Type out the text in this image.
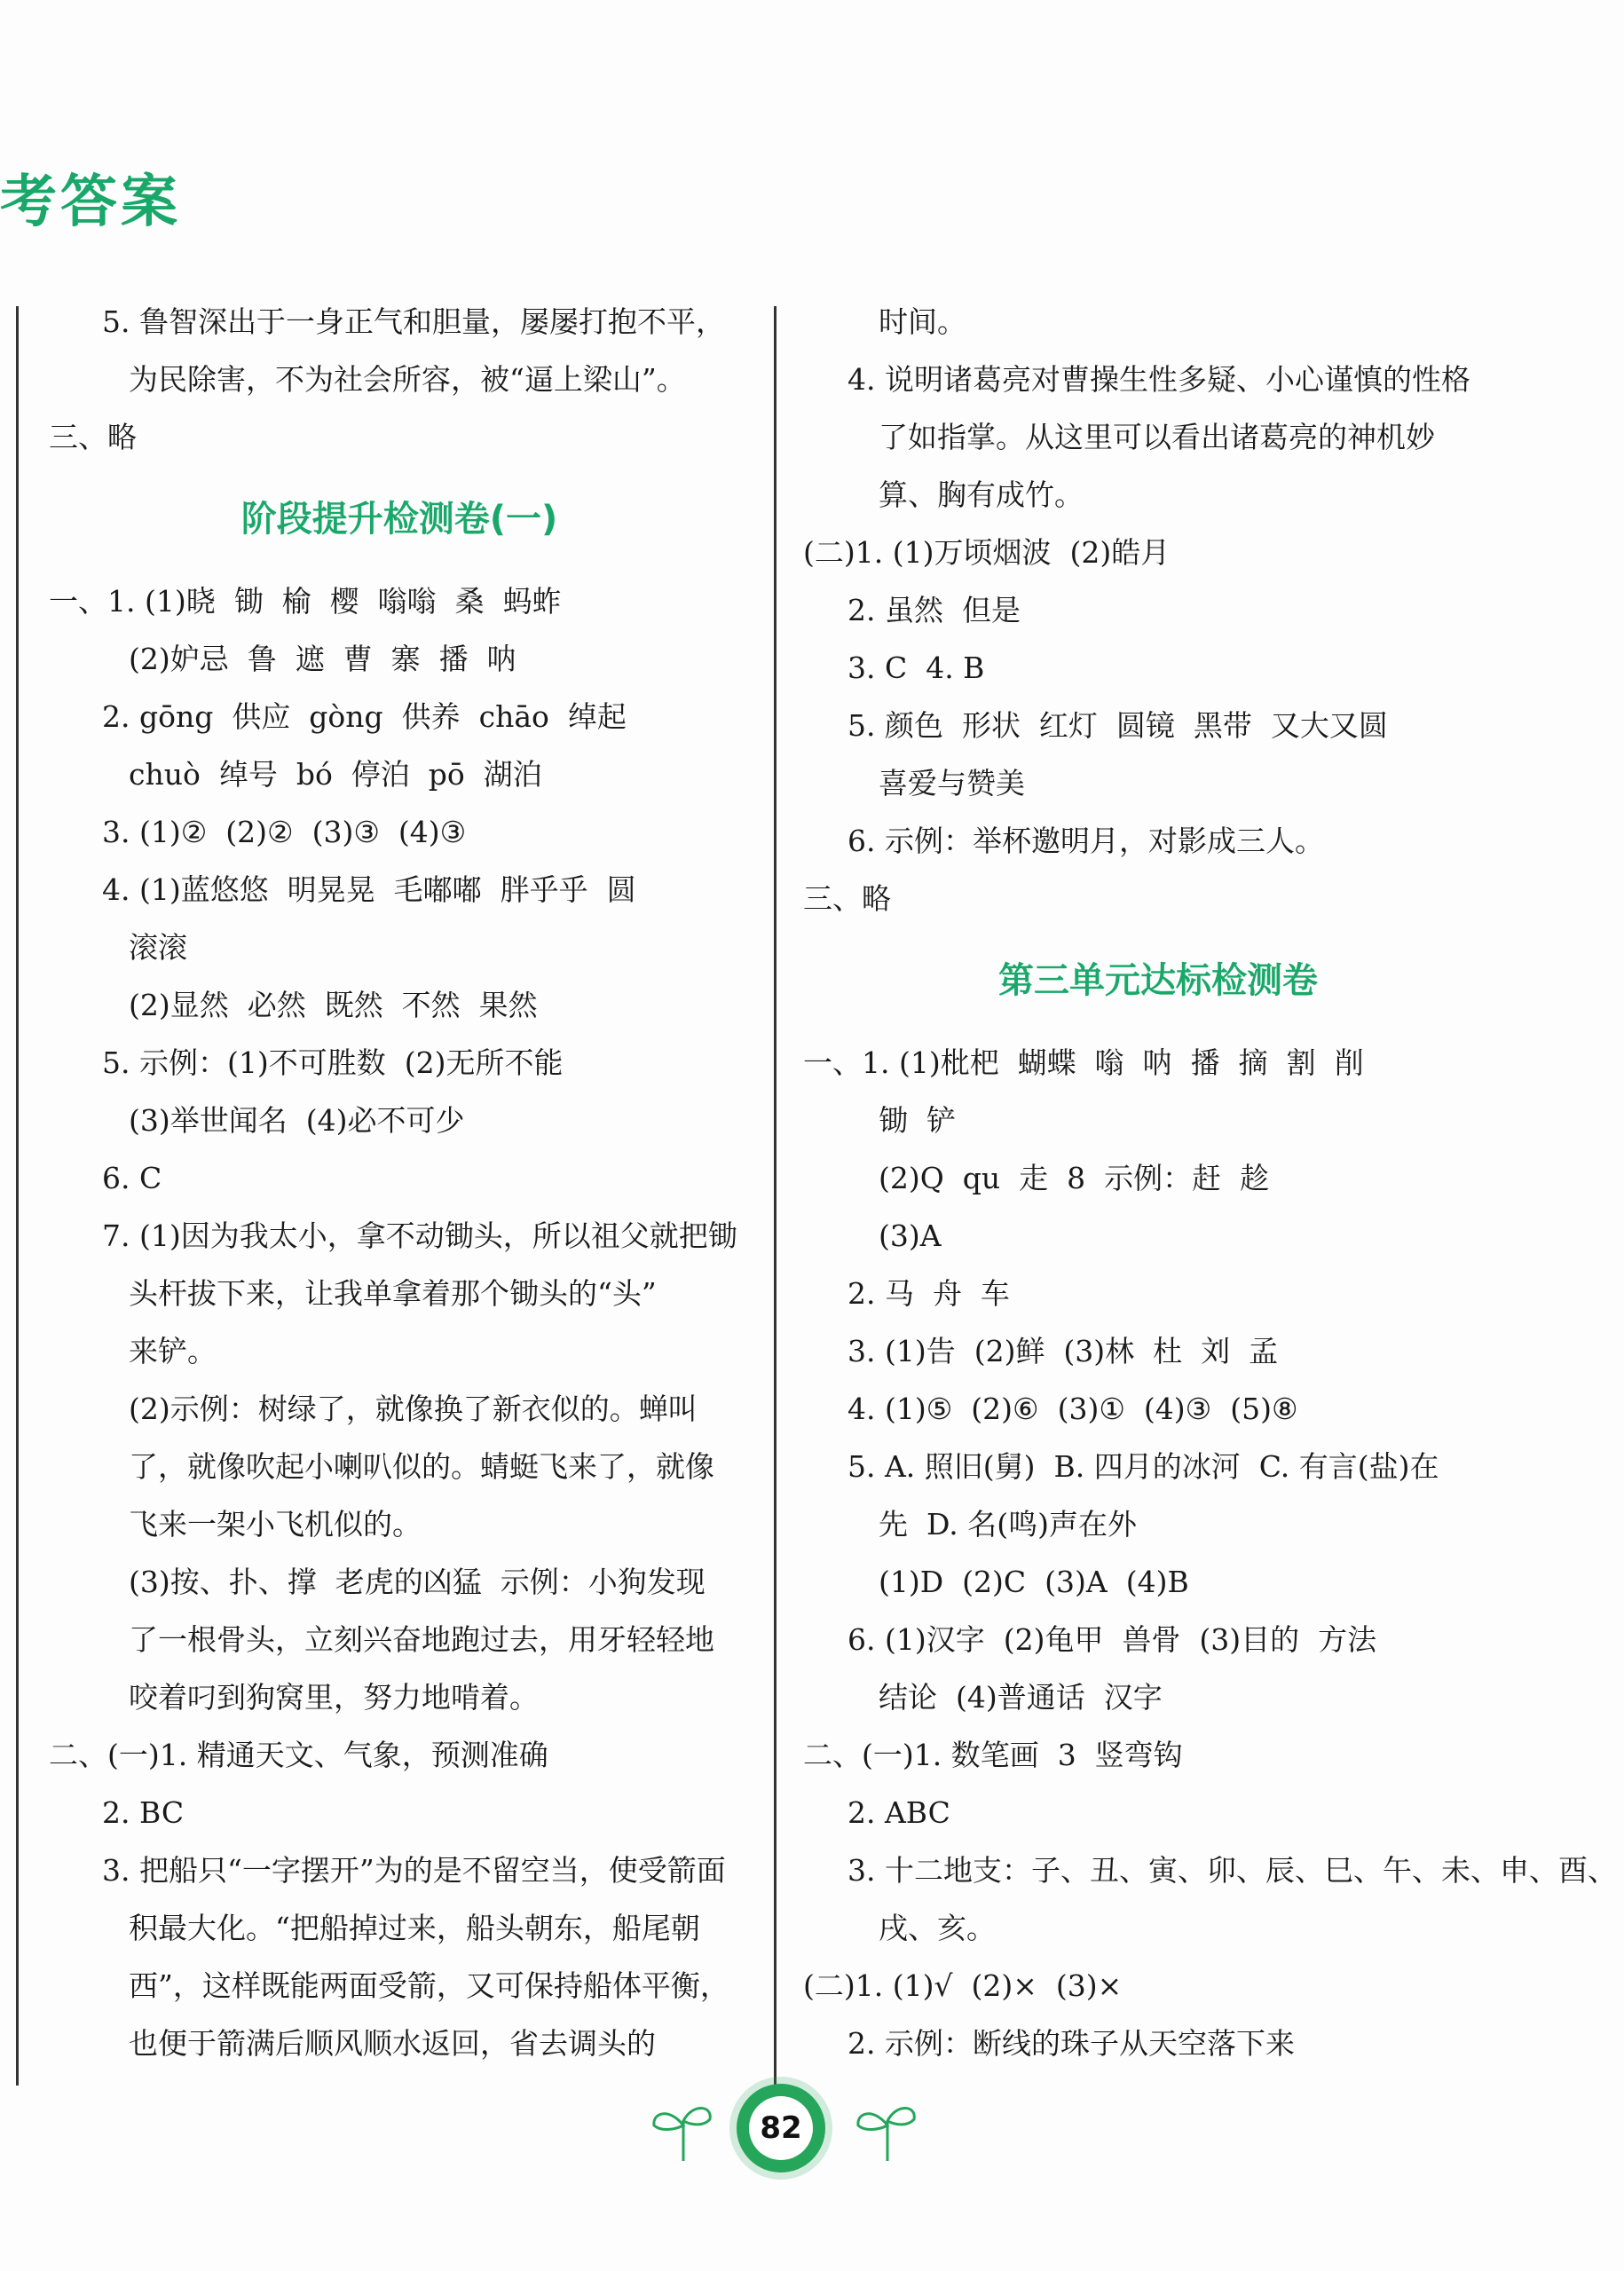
考答案

5. 鲁智深出于一身正气和胆量，屡屡打抱不平，

为民除害，不为社会所容，被“逼上梁山”。

三、略

阶段提升检测卷(一)

一、1. (1)晓  锄  榆  樱  嗡嗡  桑  蚂蚱

(2)妒忌  鲁  遮  曹  寨  播  呐

2. gōng  供应  gòng  供养  chāo  绰起

chuò  绰号  bó  停泊  pō  湖泊

3. (1)②  (2)②  (3)③  (4)③

4. (1)蓝悠悠  明晃晃  毛嘟嘟  胖乎乎  圆

滚滚

(2)显然  必然  既然  不然  果然

5. 示例：(1)不可胜数  (2)无所不能

(3)举世闻名  (4)必不可少

6. C

7. (1)因为我太小，拿不动锄头，所以祖父就把锄

头杆拔下来，让我单拿着那个锄头的“头”

来铲。

(2)示例：树绿了，就像换了新衣似的。蝉叫

了，就像吹起小喇叭似的。蜻蜓飞来了，就像

飞来一架小飞机似的。

(3)按、扑、撑  老虎的凶猛  示例：小狗发现

了一根骨头，立刻兴奋地跑过去，用牙轻轻地

咬着叼到狗窝里，努力地啃着。

二、(一)1. 精通天文、气象，预测准确

2. BC

3. 把船只“一字摆开”为的是不留空当，使受箭面

积最大化。“把船掉过来，船头朝东，船尾朝

西”，这样既能两面受箭，又可保持船体平衡，

也便于箭满后顺风顺水返回，省去调头的

时间。

4. 说明诸葛亮对曹操生性多疑、小心谨慎的性格

了如指掌。从这里可以看出诸葛亮的神机妙

算、胸有成竹。

(二)1. (1)万顷烟波  (2)皓月

2. 虽然  但是

3. C  4. B

5. 颜色  形状  红灯  圆镜  黑带  又大又圆

喜爱与赞美

6. 示例：举杯邀明月，对影成三人。

三、略

第三单元达标检测卷

一、1. (1)枇杷  蝴蝶  嗡  呐  播  摘  割  削

锄  铲

(2)Q  qu  走  8  示例：赶  趁

(3)A

2. 马  舟  车

3. (1)告  (2)鲜  (3)林  杜  刘  孟

4. (1)⑤  (2)⑥  (3)①  (4)③  (5)⑧

5. A. 照旧(舅)  B. 四月的冰河  C. 有言(盐)在

先  D. 名(鸣)声在外

(1)D  (2)C  (3)A  (4)B

6. (1)汉字  (2)龟甲  兽骨  (3)目的  方法

结论  (4)普通话  汉字

二、(一)1. 数笔画  3  竖弯钩

2. ABC

3. 十二地支：子、丑、寅、卯、辰、巳、午、未、申、酉、

戌、亥。

(二)1. (1)√  (2)×  (3)×

2. 示例：断线的珠子从天空落下来

82
